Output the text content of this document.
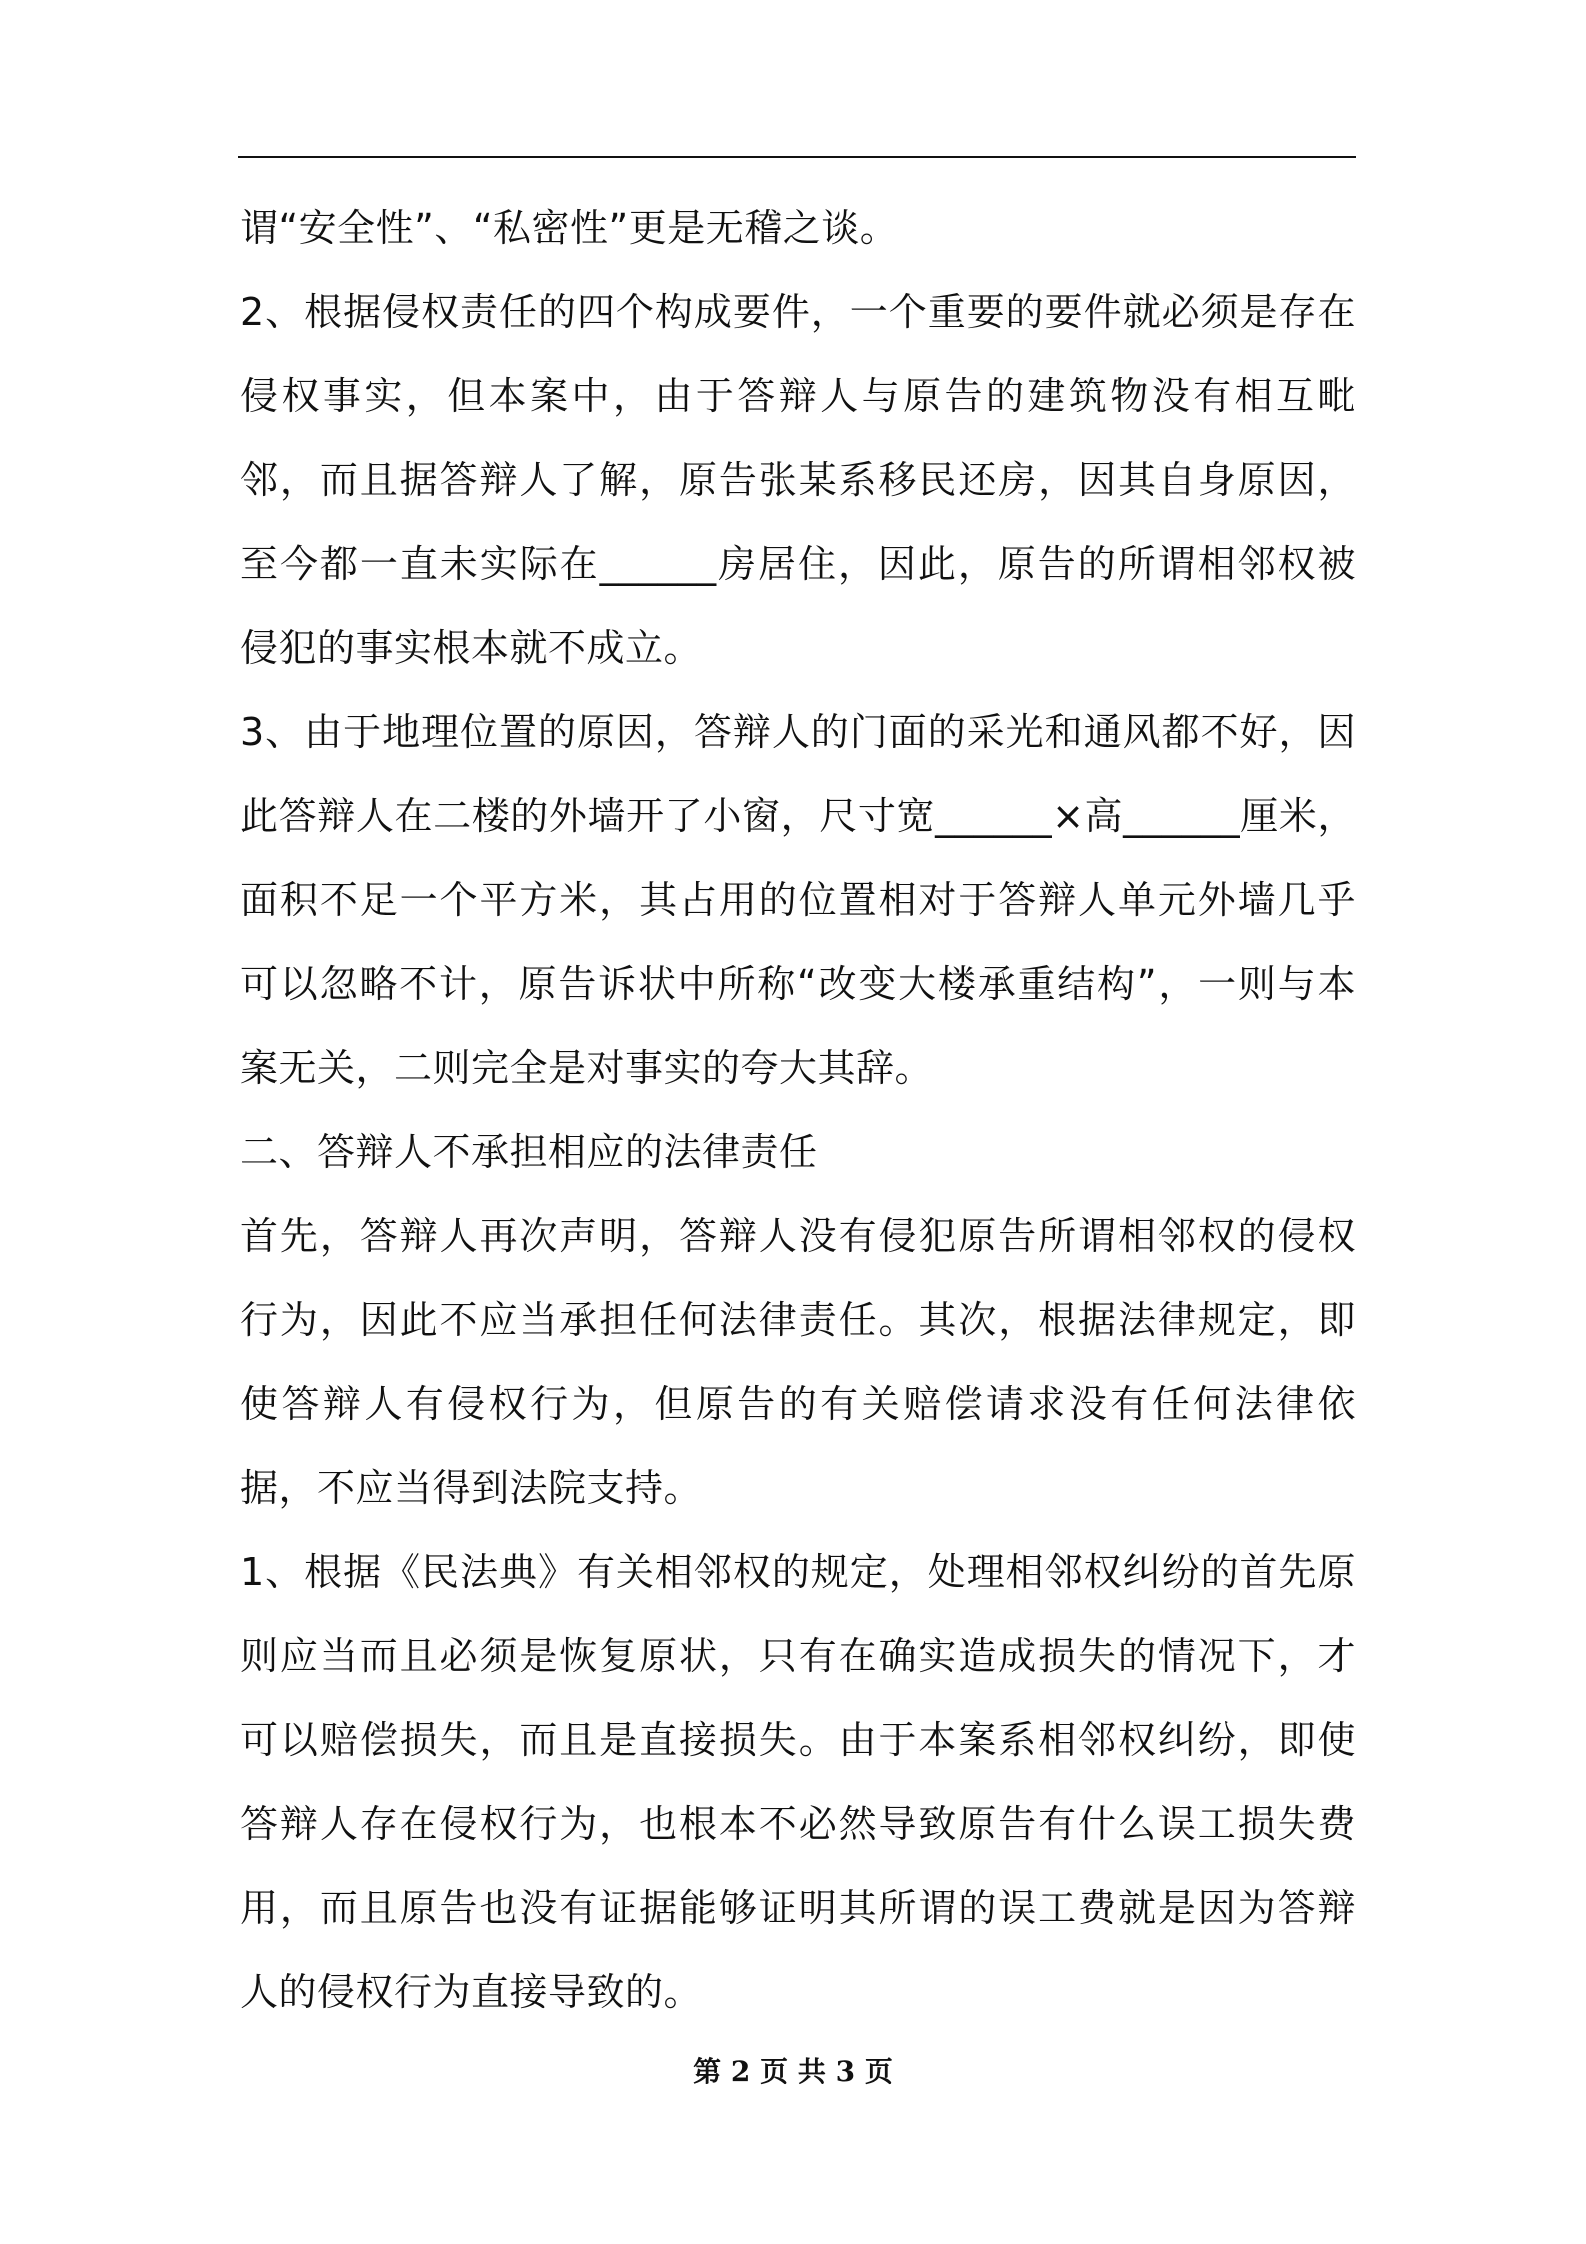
谓“安全性”、“私密性”更是无稽之谈。

2、根据侵权责任的四个构成要件，一个重要的要件就必须是存在侵权事实，但本案中，由于答辩人与原告的建筑物没有相互毗邻，而且据答辩人了解，原告张某系移民还房，因其自身原因，至今都一直未实际在______房居住，因此，原告的所谓相邻权被侵犯的事实根本就不成立。

3、由于地理位置的原因，答辩人的门面的采光和通风都不好，因此答辩人在二楼的外墙开了小窗，尺寸宽______×高______厘米，面积不足一个平方米，其占用的位置相对于答辩人单元外墙几乎可以忽略不计，原告诉状中所称“改变大楼承重结构”，一则与本案无关，二则完全是对事实的夸大其辞。

二、答辩人不承担相应的法律责任

首先，答辩人再次声明，答辩人没有侵犯原告所谓相邻权的侵权行为，因此不应当承担任何法律责任。其次，根据法律规定，即使答辩人有侵权行为，但原告的有关赔偿请求没有任何法律依据，不应当得到法院支持。

1、根据《民法典》有关相邻权的规定，处理相邻权纠纷的首先原则应当而且必须是恢复原状，只有在确实造成损失的情况下，才可以赔偿损失，而且是直接损失。由于本案系相邻权纠纷，即使答辩人存在侵权行为，也根本不必然导致原告有什么误工损失费用，而且原告也没有证据能够证明其所谓的误工费就是因为答辩人的侵权行为直接导致的。

第 2 页 共 3 页
